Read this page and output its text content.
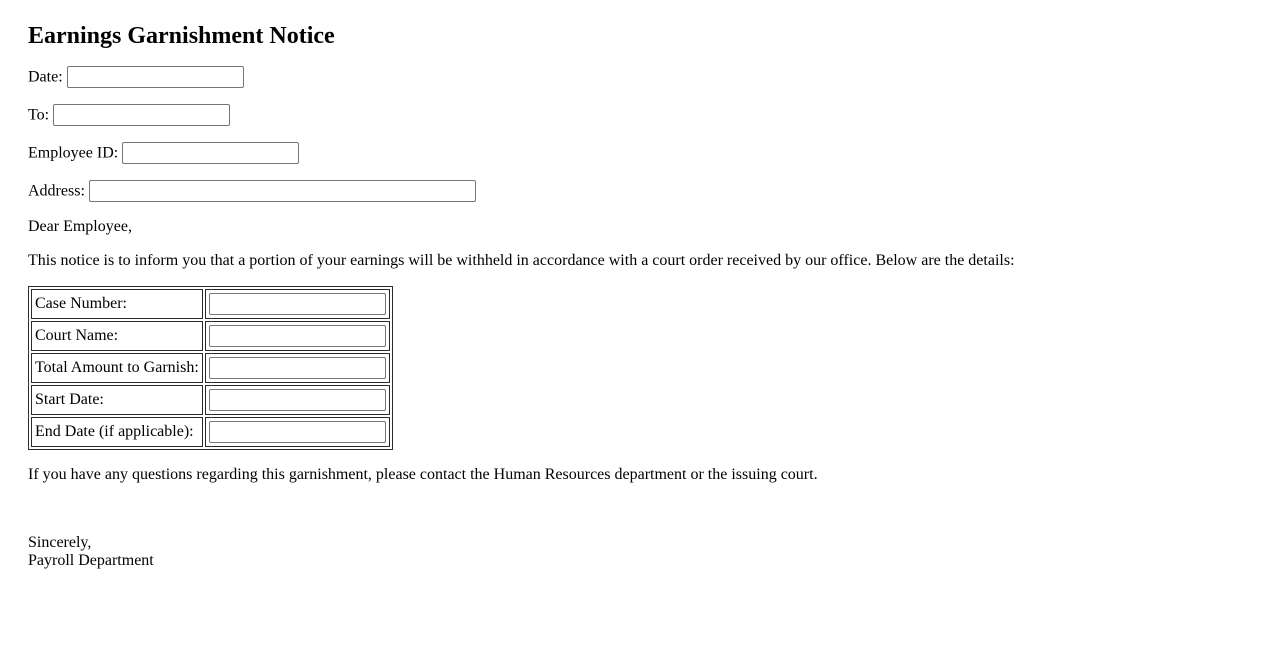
Earnings Garnishment Notice

Date:

To:

Employee ID:

Address:

Dear Employee,

This notice is to inform you that a portion of your earnings will be withheld in accordance with a court order received by our office. Below are the details:

Case Number:	
Court Name:	
Total Amount to Garnish:	
Start Date:	
End Date (if applicable):	

If you have any questions regarding this garnishment, please contact the Human Resources department or the issuing court.

Sincerely,
Payroll Department
